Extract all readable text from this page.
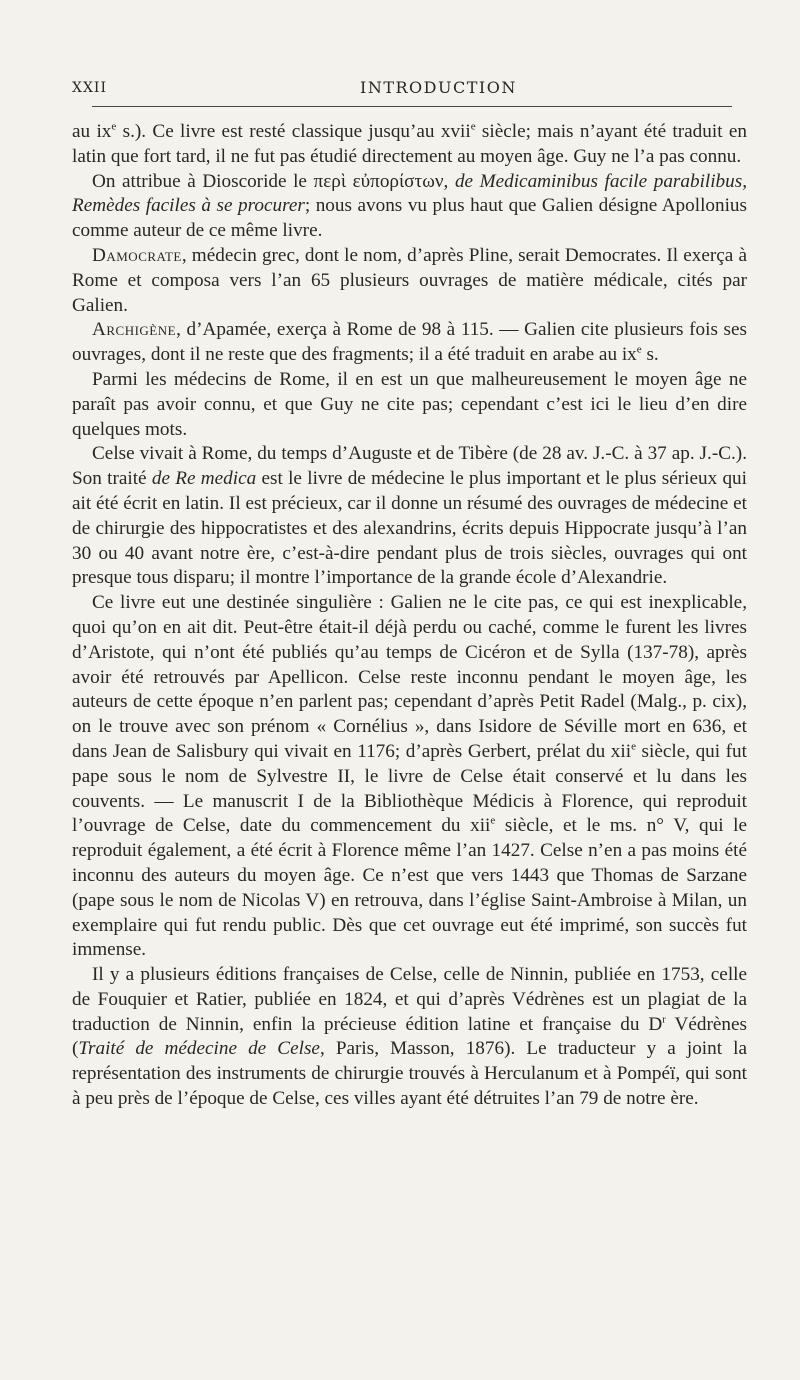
XXII	INTRODUCTION

au $ix^e$ s.). Ce livre est resté classique jusqu’au xvii$^e$ siècle; mais n’ayant été traduit en latin que fort tard, il ne fut pas étudié directement au moyen âge. Guy ne l’a pas connu.

On attribue à Dioscoride le περὶ εὐπορίστων, de Medicaminibus facile parabilibus, Remèdes faciles à se procurer; nous avons vu plus haut que Galien désigne Apollonius comme auteur de ce même livre.

Damocrate, médecin grec, dont le nom, d’après Pline, serait Democrates. Il exerça à Rome et composa vers l’an 65 plusieurs ouvrages de matière médicale, cités par Galien.

Archigène, d’Apamée, exerça à Rome de 98 à 115. — Galien cite plusieurs fois ses ouvrages, dont il ne reste que des fragments; il a été traduit en arabe au $ix^e$ s.

Parmi les médecins de Rome, il en est un que malheureusement le moyen âge ne paraît pas avoir connu, et que Guy ne cite pas; cependant c’est ici le lieu d’en dire quelques mots.

Celse vivait à Rome, du temps d’Auguste et de Tibère (de 28 av. J.-C. à 37 ap. J.-C.). Son traité de Re medica est le livre de médecine le plus important et le plus sérieux qui ait été écrit en latin. Il est précieux, car il donne un résumé des ouvrages de médecine et de chirurgie des hippocratistes et des alexandrins, écrits depuis Hippocrate jusqu’à l’an 30 ou 40 avant notre ère, c’est-à-dire pendant plus de trois siècles, ouvrages qui ont presque tous disparu; il montre l’importance de la grande école d’Alexandrie.

Ce livre eut une destinée singulière : Galien ne le cite pas, ce qui est inexplicable, quoi qu’on en ait dit. Peut-être était-il déjà perdu ou caché, comme le furent les livres d’Aristote, qui n’ont été publiés qu’au temps de Cicéron et de Sylla (137-78), après avoir été retrouvés par Apellicon. Celse reste inconnu pendant le moyen âge, les auteurs de cette époque n’en parlent pas; cependant d’après Petit Radel (Malg., p. cix), on le trouve avec son prénom « Cornélius », dans Isidore de Séville mort en 636, et dans Jean de Salisbury qui vivait en 1176; d’après Gerbert, prélat du xii$^e$ siècle, qui fut pape sous le nom de Sylvestre II, le livre de Celse était conservé et lu dans les couvents. — Le manuscrit I de la Bibliothèque Médicis à Florence, qui reproduit l’ouvrage de Celse, date du commencement du xii$^e$ siècle, et le ms. n° V, qui le reproduit également, a été écrit à Florence même l’an 1427. Celse n’en a pas moins été inconnu des auteurs du moyen âge. Ce n’est que vers 1443 que Thomas de Sarzane (pape sous le nom de Nicolas V) en retrouva, dans l’église Saint-Ambroise à Milan, un exemplaire qui fut rendu public. Dès que cet ouvrage eut été imprimé, son succès fut immense.

Il y a plusieurs éditions françaises de Celse, celle de Ninnin, publiée en 1753, celle de Fouquier et Ratier, publiée en 1824, et qui d’après Védrènes est un plagiat de la traduction de Ninnin, enfin la précieuse édition latine et française du $D^r$ Védrènes (Traité de médecine de Celse, Paris, Masson, 1876). Le traducteur y a joint la représentation des instruments de chirurgie trouvés à Herculanum et à Pompéï, qui sont à peu près de l’époque de Celse, ces villes ayant été détruites l’an 79 de notre ère.
